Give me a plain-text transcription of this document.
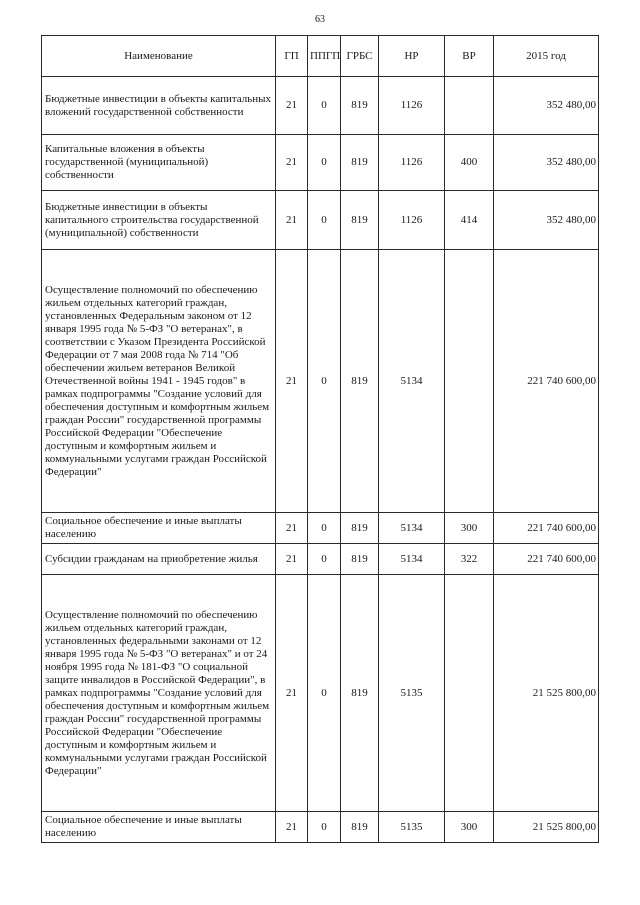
63
Наименование	ГП	ППГП	ГРБС	НР	ВР	2015 год
Бюджетные инвестиции в объекты капитальных вложений государственной собственности	21	0	819	1126		352 480,00
Капитальные вложения в объекты государственной (муниципальной) собственности	21	0	819	1126	400	352 480,00
Бюджетные инвестиции в объекты капитального строительства государственной (муниципальной) собственности	21	0	819	1126	414	352 480,00
Осуществление полномочий по обеспечению жильем отдельных категорий граждан, установленных Федеральным законом от 12 января 1995 года № 5-ФЗ "О ветеранах", в соответствии с Указом Президента Российской Федерации от 7 мая 2008 года № 714 "Об обеспечении жильем ветеранов Великой Отечественной войны 1941 - 1945 годов" в рамках подпрограммы "Создание условий для обеспечения доступным и комфортным жильем граждан России" государственной программы Российской Федерации "Обеспечение доступным и комфортным жильем и коммунальными услугами граждан Российской Федерации"	21	0	819	5134		221 740 600,00
Социальное обеспечение и иные выплаты населению	21	0	819	5134	300	221 740 600,00
Субсидии гражданам на приобретение жилья	21	0	819	5134	322	221 740 600,00
Осуществление полномочий по обеспечению жильем отдельных категорий граждан, установленных федеральными законами от 12 января 1995 года № 5-ФЗ "О ветеранах" и от 24 ноября 1995 года № 181-ФЗ "О социальной защите инвалидов в Российской Федерации", в рамках подпрограммы "Создание условий для обеспечения доступным и комфортным жильем граждан России" государственной программы Российской Федерации "Обеспечение доступным и комфортным жильем и коммунальными услугами граждан Российской Федерации"	21	0	819	5135		21 525 800,00
Социальное обеспечение и иные выплаты населению	21	0	819	5135	300	21 525 800,00
